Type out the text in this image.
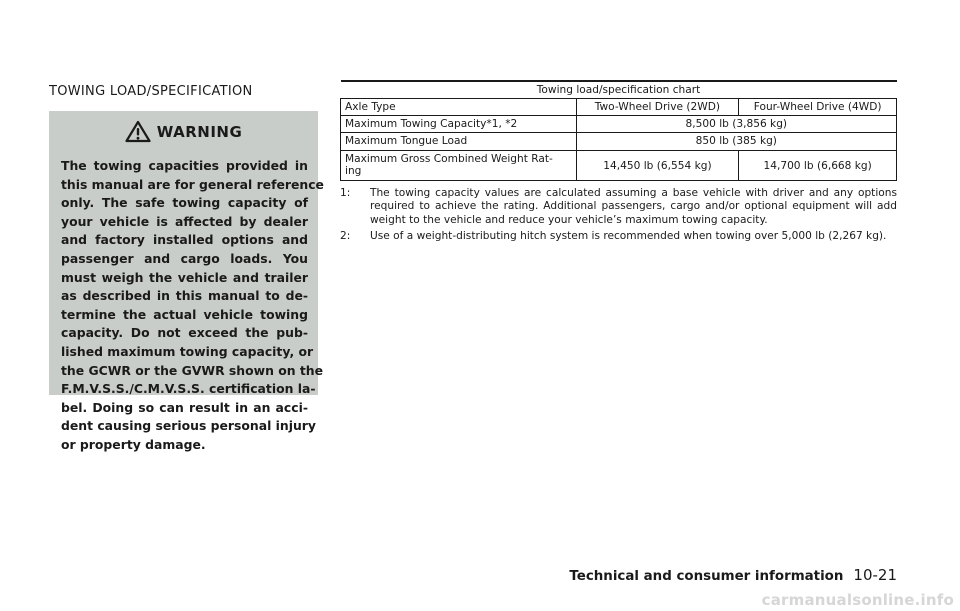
TOWING LOAD/SPECIFICATION
WARNING
The towing capacities provided in
this manual are for general reference
only. The safe towing capacity of
your vehicle is affected by dealer
and factory installed options and
passenger and cargo loads. You
must weigh the vehicle and trailer
as described in this manual to de-
termine the actual vehicle towing
capacity. Do not exceed the pub-
lished maximum towing capacity, or
the GCWR or the GVWR shown on the
F.M.V.S.S./C.M.V.S.S. certification la-
bel. Doing so can result in an acci-
dent causing serious personal injury
or property damage.
Towing load/specification chart		
Axle Type	Two-Wheel Drive (2WD)	Four-Wheel Drive (4WD)
Maximum Towing Capacity*1, *2	8,500 lb (3,856 kg)	
Maximum Tongue Load	850 lb (385 kg)	

Maximum Gross Combined Weight Rat-
ing	14,450 lb (6,554 kg)	14,700 lb (6,668 kg)
1:	The towing capacity values are calculated assuming a base vehicle with driver and any options required to achieve the rating. Additional passengers, cargo and/or optional equipment will add weight to the vehicle and reduce your vehicle’s maximum towing capacity.
2:	Use of a weight-distributing hitch system is recommended when towing over 5,000 lb (2,267 kg).
Technical and consumer information 10-21
carmanualsonline.info
